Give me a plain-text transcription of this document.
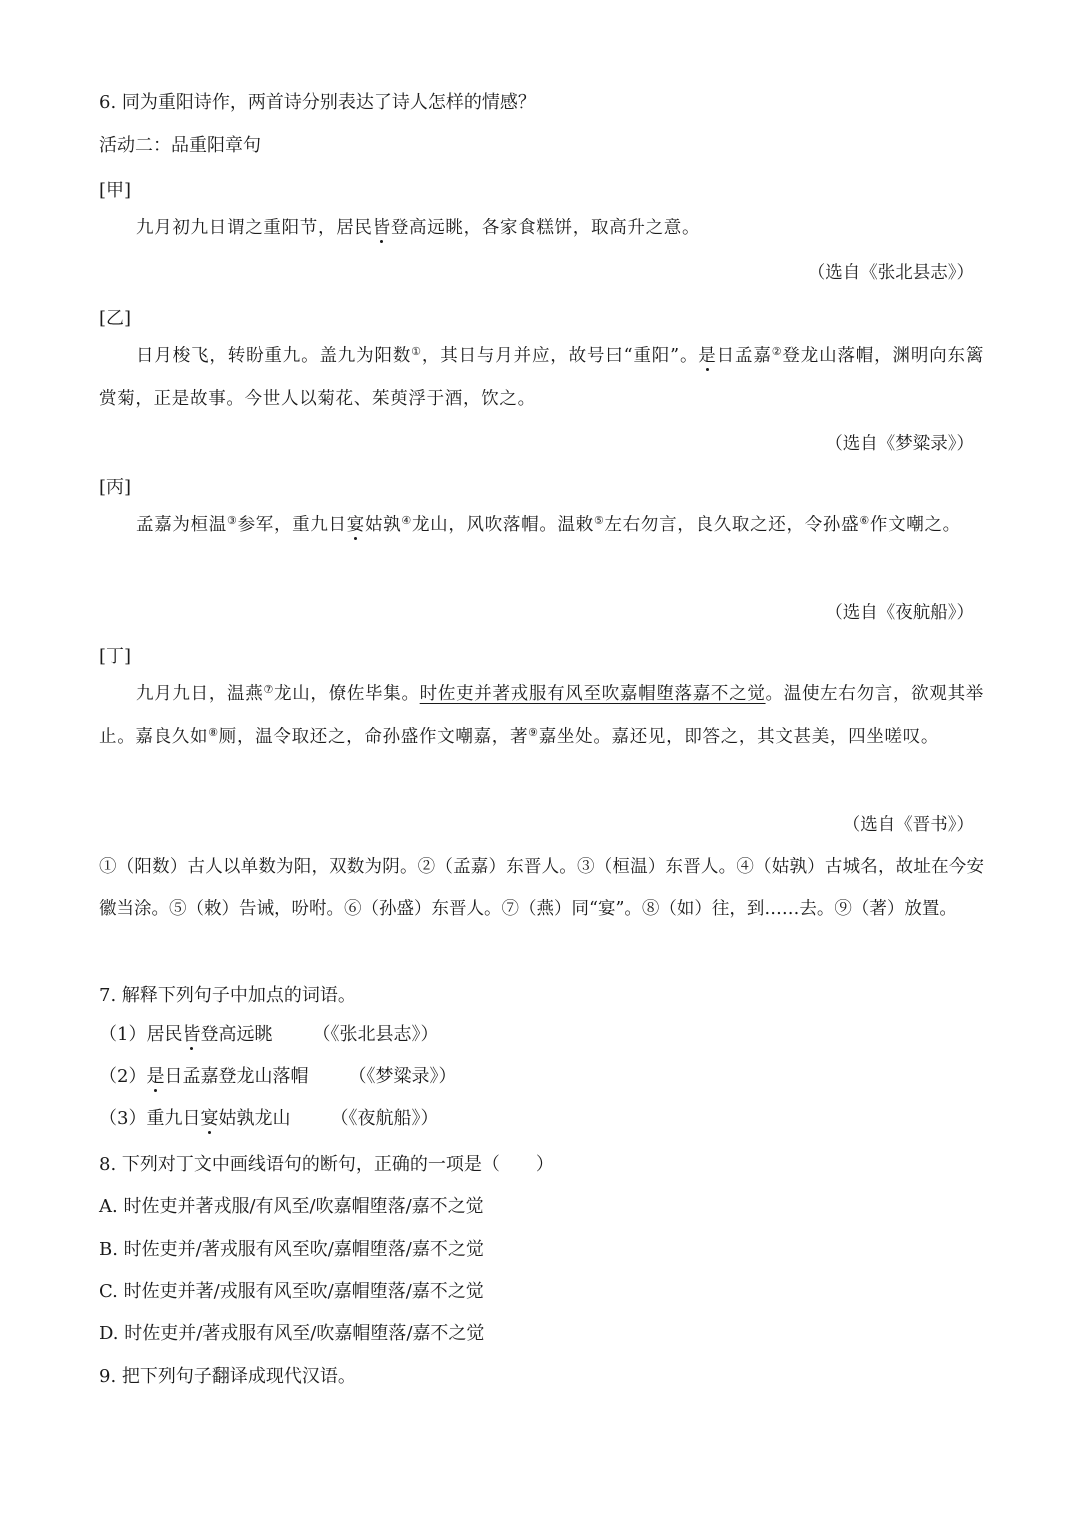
6. 同为重阳诗作，两首诗分别表达了诗人怎样的情感？
活动二：品重阳章句
[甲]
九月初九日谓之重阳节，居民皆登高远眺，各家食糕饼，取高升之意。
（选自《张北县志》）
[乙]
日月梭飞，转盼重九。盖九为阳数①，其日与月并应，故号曰“重阳”。是日孟嘉②登龙山落帽，渊明向东篱赏菊，正是故事。今世人以菊花、茱萸浮于酒，饮之。
（选自《梦粱录》）
[丙]
孟嘉为桓温③参军，重九日宴姑孰④龙山，风吹落帽。温敕⑤左右勿言，良久取之还，令孙盛⑥作文嘲之。
（选自《夜航船》）
[丁]
九月九日，温燕⑦龙山，僚佐毕集。时佐吏并著戎服有风至吹嘉帽堕落嘉不之觉。温使左右勿言，欲观其举止。嘉良久如⑧厕，温令取还之，命孙盛作文嘲嘉，著⑨嘉坐处。嘉还见，即答之，其文甚美，四坐嗟叹。
（选自《晋书》）
①（阳数）古人以单数为阳，双数为阴。②（孟嘉）东晋人。③（桓温）东晋人。④（姑孰）古城名，故址在今安徽当涂。⑤（敕）告诫，吩咐。⑥（孙盛）东晋人。⑦（燕）同“宴”。⑧（如）往，到……去。⑨（著）放置。
7. 解释下列句子中加点的词语。
（1）居民皆登高远眺 （《张北县志》）
（2）是日孟嘉登龙山落帽 （《梦粱录》）
（3）重九日宴姑孰龙山 （《夜航船》）
8. 下列对丁文中画线语句的断句，正确的一项是（　　）
A. 时佐吏并著戎服/有风至/吹嘉帽堕落/嘉不之觉
B. 时佐吏并/著戎服有风至吹/嘉帽堕落/嘉不之觉
C. 时佐吏并著/戎服有风至吹/嘉帽堕落/嘉不之觉
D. 时佐吏并/著戎服有风至/吹嘉帽堕落/嘉不之觉
9. 把下列句子翻译成现代汉语。
